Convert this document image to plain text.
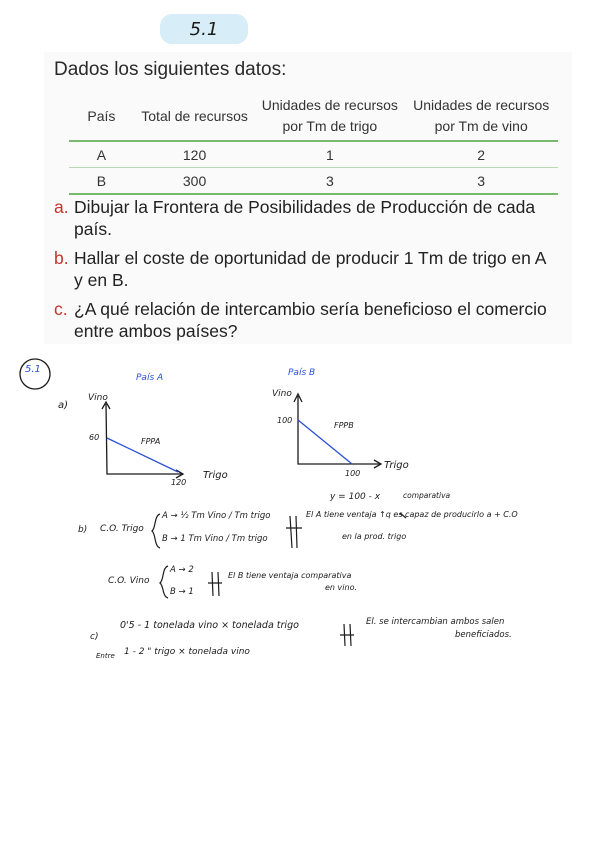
5.1
Dados los siguientes datos:
País	Total de recursos	Unidades de recursos por Tm de trigo	Unidades de recursos por Tm de vino
A	120	1	2
B	300	3	3
a. Dibujar la Frontera de Posibilidades de Producción de cada país.
b. Hallar el coste de oportunidad de producir 1 Tm de trigo en A y en B.
c. ¿A qué relación de intercambio sería beneficioso el comercio entre ambos países?
5.1
a)
País A
Vino
Trigo
60
120
FPPA
País B
Vino
Trigo
100
100
FPPB
y = 100 - x
b) C.O. Trigo
A → ½ Tm Vino / Tm trigo
B → 1 Tm Vino / Tm trigo
comparativa
El A tiene ventaja ↑q es capaz de producirlo a + C.O
en la prod. trigo
C.O. Vino
A → 2
B → 1
El B tiene ventaja comparativa
en vino.
c)
0'5 - 1 tonelada vino × tonelada trigo
Entre 1 - 2 " trigo × tonelada vino
El. se intercambian ambos salen
beneficiados.
